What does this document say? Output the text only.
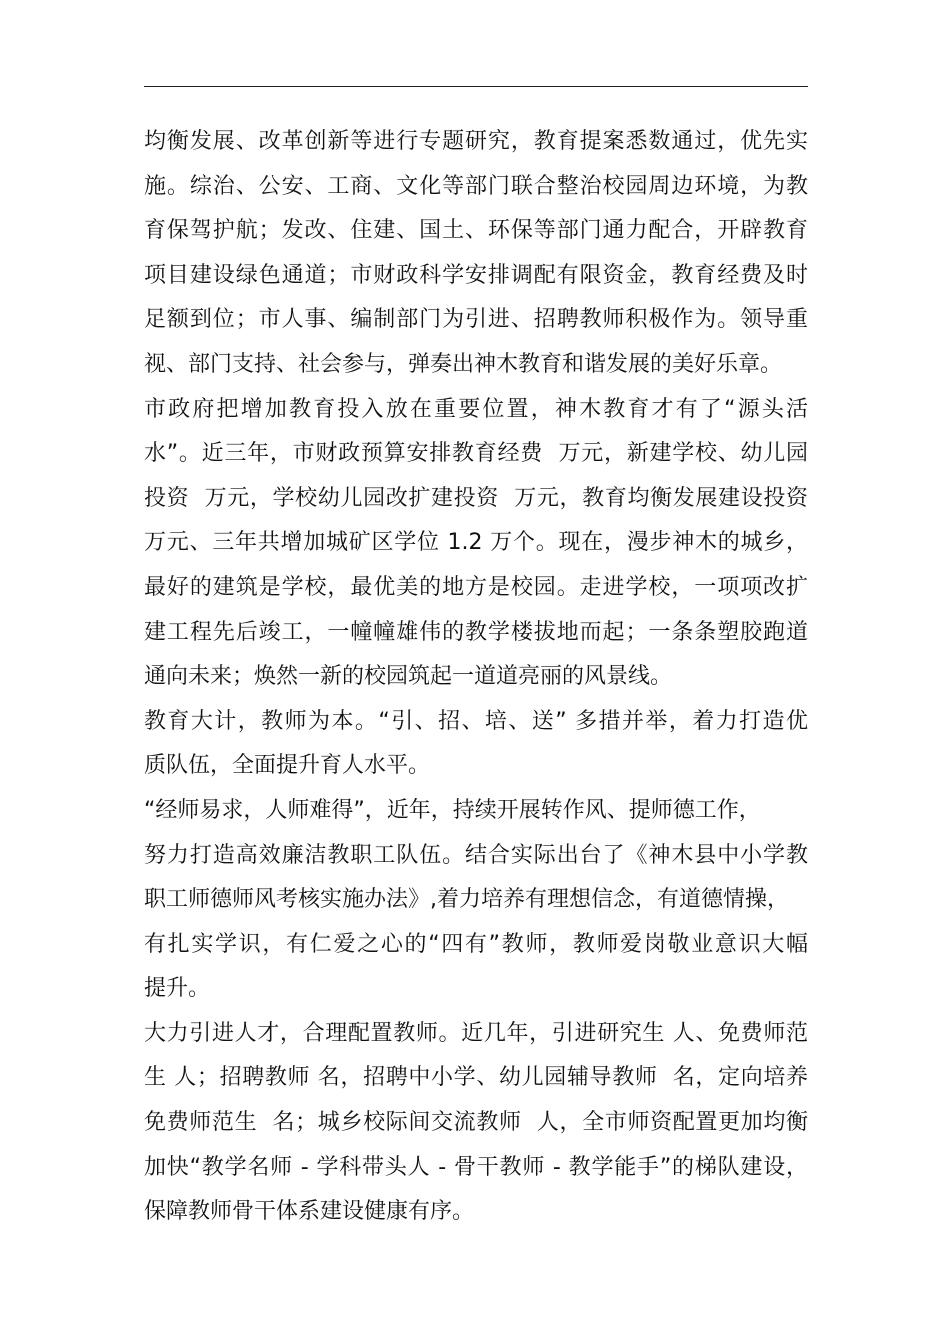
均衡发展、改革创新等进行专题研究，教育提案悉数通过，优先实
施。综治、公安、工商、文化等部门联合整治校园周边环境，为教
育保驾护航；发改、住建、国土、环保等部门通力配合，开辟教育
项目建设绿色通道；市财政科学安排调配有限资金，教育经费及时
足额到位；市人事、编制部门为引进、招聘教师积极作为。领导重
视、部门支持、社会参与，弹奏出神木教育和谐发展的美好乐章。
市政府把增加教育投入放在重要位置，神木教育才有了“源头活
水”。近三年，市财政预算安排教育经费  万元，新建学校、幼儿园
投资  万元，学校幼儿园改扩建投资  万元，教育均衡发展建设投资
万元、三年共增加城矿区学位 1.2 万个。现在，漫步神木的城乡，
最好的建筑是学校，最优美的地方是校园。走进学校，一项项改扩
建工程先后竣工，一幢幢雄伟的教学楼拔地而起；一条条塑胶跑道
通向未来；焕然一新的校园筑起一道道亮丽的风景线。
教育大计，教师为本。“引、招、培、送” 多措并举，着力打造优
质队伍，全面提升育人水平。
“经师易求，人师难得”，近年，持续开展转作风、提师德工作，
努力打造高效廉洁教职工队伍。结合实际出台了《神木县中小学教
职工师德师风考核实施办法》,着力培养有理想信念，有道德情操，
有扎实学识，有仁爱之心的“四有”教师，教师爱岗敬业意识大幅
提升。
大力引进人才，合理配置教师。近几年，引进研究生 人、免费师范
生 人；招聘教师 名，招聘中小学、幼儿园辅导教师  名，定向培养
免费师范生  名；城乡校际间交流教师  人，全市师资配置更加均衡
加快“教学名师 - 学科带头人 - 骨干教师 - 教学能手”的梯队建设，
保障教师骨干体系建设健康有序。
